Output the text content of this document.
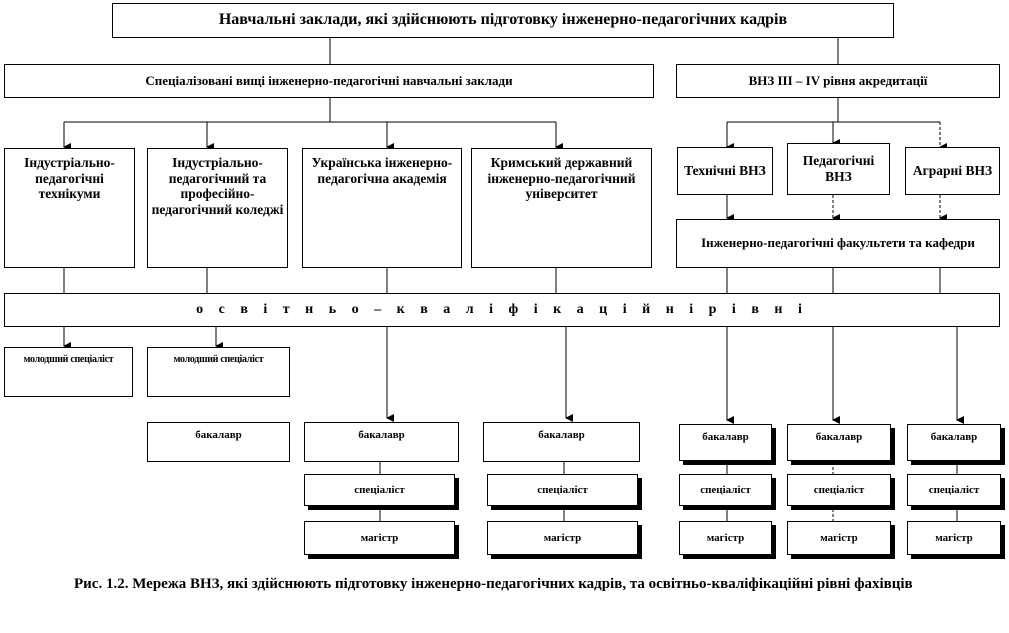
Навчальні заклади, які здійснюють підготовку інженерно-педагогічних кадрів
Спеціалізовані вищі інженерно-педагогічні навчальні заклади	ВНЗ ІІІ – ІV рівня акредитації
Індустріально-педагогічні технікуми
Індустріально-педагогічний та професійно-педагогічний коледжі
Українська інженерно-педагогічна академія
Кримський державний інженерно-педагогічний університет
Технічні ВНЗ
Педагогічні ВНЗ	Аграрні ВНЗ
Інженерно-педагогічні факультети та кафедри
о с в і т н ь о – к в а л і ф і к а ц і й н і р і в н і
молодший спеціаліст	молодший спеціаліст
бакалавр	бакалавр	бакалавр	бакалавр	бакалавр	бакалавр
спеціаліст	спеціаліст	спеціаліст	спеціаліст	спеціаліст
магістр	магістр	магістр	магістр	магістр
Рис. 1.2. Мережа ВНЗ, які здійснюють підготовку інженерно-педагогічних кадрів, та освітньо-кваліфікаційні рівні фахівців
